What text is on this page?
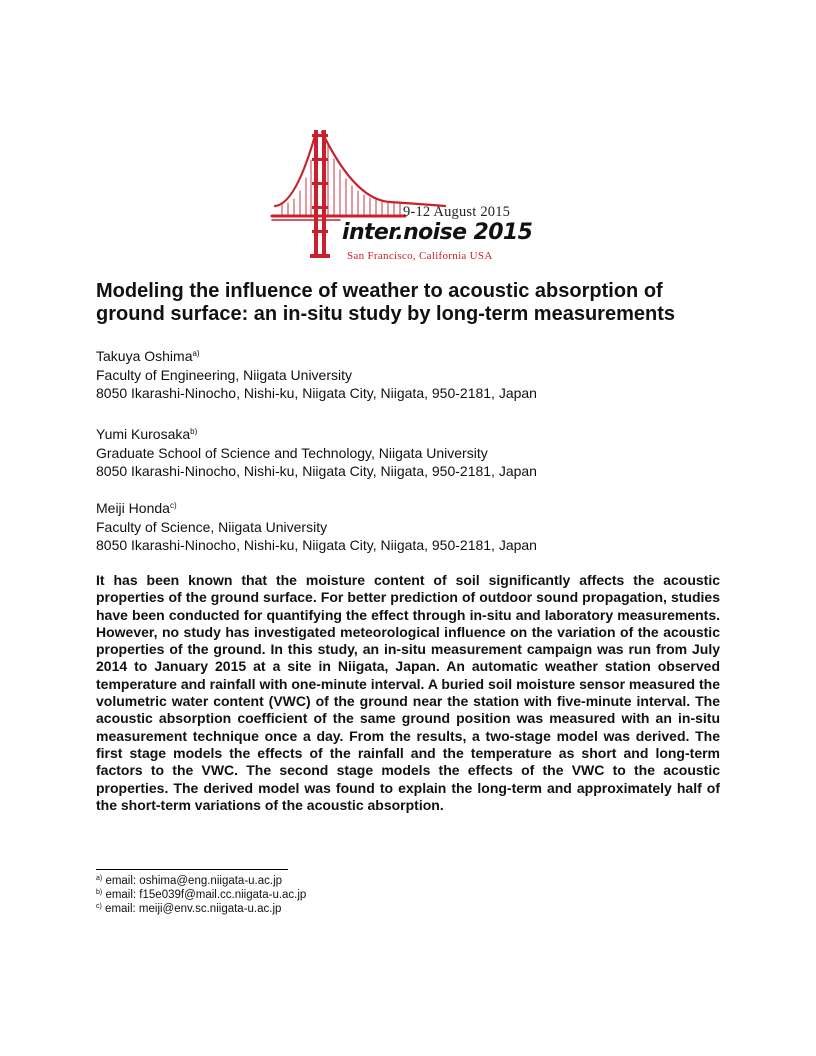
9-12 August 2015
inter.noise 2015
San Francisco, California USA
Modeling the influence of weather to acoustic absorption of ground surface: an in-situ study by long-term measurements
Takuya Oshima$^{a)}$
Faculty of Engineering, Niigata University
8050 Ikarashi-Ninocho, Nishi-ku, Niigata City, Niigata, 950-2181, Japan
Yumi Kurosaka$^{b)}$
Graduate School of Science and Technology, Niigata University
8050 Ikarashi-Ninocho, Nishi-ku, Niigata City, Niigata, 950-2181, Japan
Meiji Honda$^{c)}$
Faculty of Science, Niigata University
8050 Ikarashi-Ninocho, Nishi-ku, Niigata City, Niigata, 950-2181, Japan
It has been known that the moisture content of soil significantly affects the acoustic properties of the ground surface. For better prediction of outdoor sound propagation, studies have been conducted for quantifying the effect through in-situ and laboratory measurements. However, no study has investigated meteorological influence on the variation of the acoustic properties of the ground. In this study, an in-situ measurement campaign was run from July 2014 to January 2015 at a site in Niigata, Japan. An automatic weather station observed temperature and rainfall with one-minute interval. A buried soil moisture sensor measured the volumetric water content (VWC) of the ground near the station with five-minute interval. The acoustic absorption coefficient of the same ground position was measured with an in-situ measurement technique once a day. From the results, a two-stage model was derived. The first stage models the effects of the rainfall and the temperature as short and long-term factors to the VWC. The second stage models the effects of the VWC to the acoustic properties. The derived model was found to explain the long-term and approximately half of the short-term variations of the acoustic absorption.
$^{a)}$ email: oshima@eng.niigata-u.ac.jp
$^{b)}$ email: f15e039f@mail.cc.niigata-u.ac.jp
$^{c)}$ email: meiji@env.sc.niigata-u.ac.jp
